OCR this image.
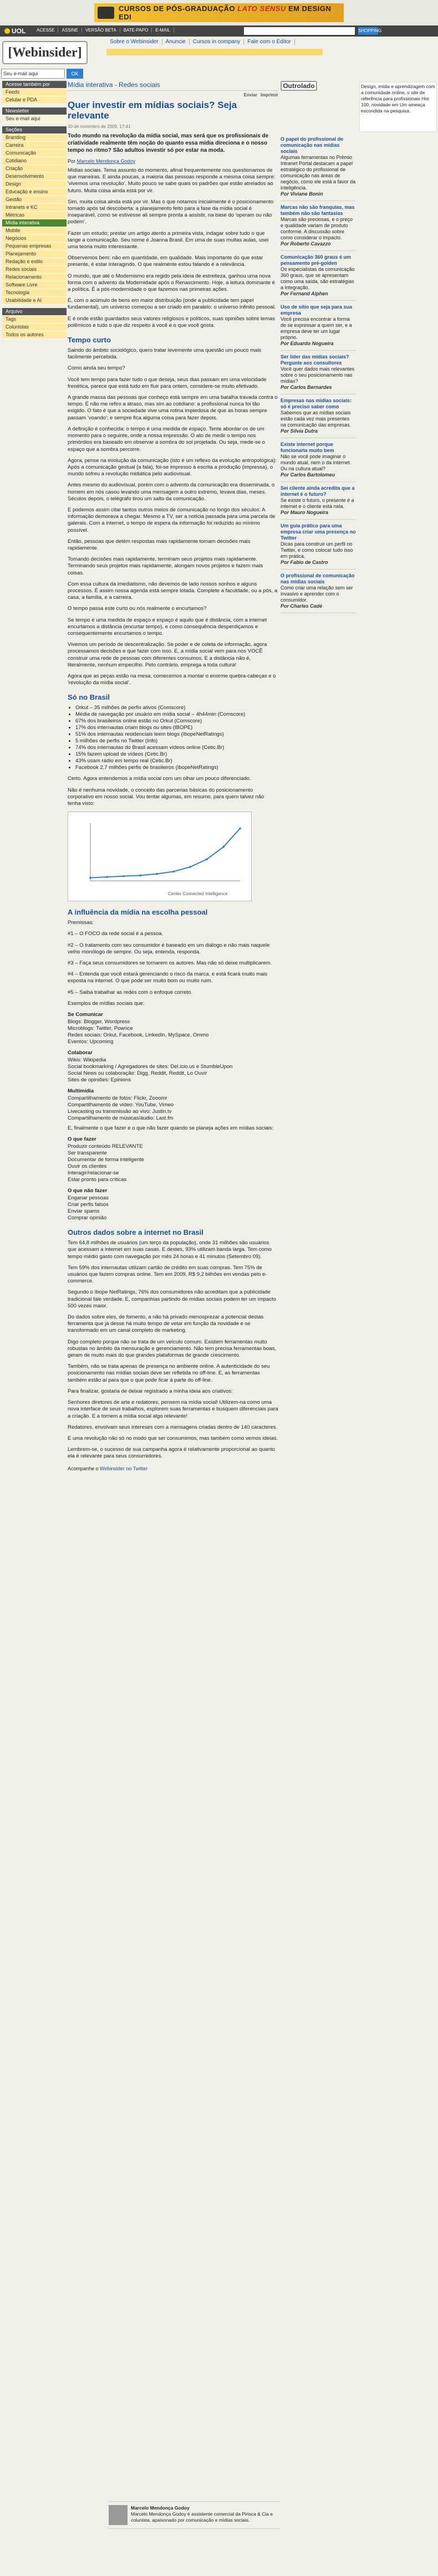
CURSOS DE PÓS-GRADUAÇÃO LATO SENSU EM DESIGN EDI
UOL	ACESSE	ASSINE	VERSÃO BETA	BATE-PAPO	E-MAIL	SHOPPING
[Webinsider]
Sobre o Webinsider	Anuncie	Cursos in company	Fale com o Editor
Seu e-mail aqui	OK
Acesse também por
Feeds
Celular e PDA
Newsletter
Seu e-mail aqui
Seções
Branding
Carreira
Comunicação
Cotidiano
Criação
Desenvolvimento
Design
Educação e ensino
Gestão
Intranets e KC
Métricas
Mídia interativa
Mobile
Negócios
Pequenas empresas
Planejamento
Redação e estilo
Redes sociais
Relacionamento
Software Livre
Tecnologia
Usabilidade e AI
Arquivo
Tags
Colunistas
Todos os autores
Mídia interativa - Redes sociais
Enviar Imprimir
Quer investir em mídias sociais? Seja relevante
30 de novembro de 2009, 17:41
Todo mundo na revolução da mídia social, mas será que os profissionais de criatividade realmente têm noção do quanto essa mídia direciona e o nosso tempo no ritmo? São adultos investir só por estar na moda.
Por Marcelo Mendonça Godoy

Mídias sociais. Tema assunto do momento, afinal frequentemente nos questionamos de que maneiras. E ainda poucas, a maioria das pessoas responde a mesma coisa sempre: 'vivemos uma revolução'. Muito pouco se sabe quais os padrões que estão atrelados ao futuro. Muita coisa ainda está por vir.

Sim, muita coisa ainda está por vir. Mas o que notamos inicialmente é o posicionamento tomado após tal descoberta: a planejamento feito para a fase da mídia social é inseparável, como se estivesse ali sempre pronta a assistir, na base do 'operam ou não podem'.

Fazer um estudo; prestar um artigo atento a primeira vista, indagar sobre tudo o que tange a comunicação. Seu nome é Joanna Brasil. Em uma de suas muitas aulas, usei uma teoria muito interessante.

Observemos bem: não em quantidade, em qualidade. Mais importante do que estar presente, é estar interagindo. O que realmente estou falando é a relevância.

O mundo, que até o Modernismo era regido pela ideia de estreiteza, ganhou uma nova forma com o advento da Modernidade após o Renascimento. Hoje, a leitura dominante é a política. É a pós-modernidade o que fazemos nas primeiras ações.

É, com o acúmulo de bens em maior distribuição (onde a publicidade tem papel fundamental), um universo começou a ser criado em paralelo: o universo infinito pessoal.

E é onde estão guardados seus valores religiosos e políticos, suas opiniões sobre temas polêmicos e tudo o que diz respeito à você e o que você gosta.

Tempo curto

Saindo do âmbito sociológico, quero tratar levemente uma questão um pouco mais facilmente percebida.

Como ainda seu tempo?

Você tem tempo para fazer tudo o que deseja, seus dias passam em uma velocidade frenética, parece que está tudo em fluir para ontem, considere-se muito efetivado.

A grande massa das pessoas que conheço está sempre em uma batalha travada contra o tempo. É não me refiro a atraso, mas sim ao cotidiano: a profissional nunca foi tão exigido. O fato é que a sociedade vive uma rotina impiedosa de que as horas sempre passam 'voando'; e sempre fica alguma coisa para fazer depois.

A definição é conhecida: o tempo é uma medida de espaço. Tente abordar os de um momento para o seguinte, onde a nossa impressão. O ato de medir o tempo nos primórdios era baseado em observar a sombra do sol projetada. Ou seja, mede-se o espaço que a sombra percorre.

Agora, pense na evolução da comunicação (isto é um reflexo da evolução antropológica): Após a comunicação gestual (a fala), foi-se impresso à escrita a produção (impressa), o mundo sofreu a revolução midiática pelo audiovisual.

Antes mesmo do audiovisual, porém com o advento da comunicação era disseminada, o homem em nós casou levando uma mensagem a outro extremo, levava dias, meses. Séculos depois, o telégrafo tirou um salto da comunicação.

E podemos assim citar tantos outros meios de comunicação no longo dos séculos: A informação demorava a chegar. Mesmo a TV, ser a notícia passada para uma parcela de galerais. Com a internet, o tempo de espera da informação foi reduzido ao mínimo possível.

Então, pessoas que detém respostas mais rapidamente tomam decisões mais rapidamente.

Tomando decisões mais rapidamente, terminam seus projetos mais rapidamente. Terminando seus projetos mais rapidamente, alongam novos projetos e fazem mais coisas.

Com essa cultura da imediatismo, não devemos de lado nossos sonhos e alguns processos. É assim nossa agenda está sempre lotada. Complete a faculdade, ou a pós, a casa, a família, e a carreira.

O tempo passa este curto ou nós realmente o encurtamos?

Se tempo é uma medida de espaço e espaço é aquilo que é distância, com a internet encurtamos a distância (encurtar tempo), e como consequência desperdiçamos e consequentemente encurtamos o tempo.

Vivemos um período de descentralização. Se poder e de coleta de informação, agora processamos decisões e que fazer com isso. E, a mídia social vem para nos VOCÊ construir uma rede de pessoas com diferentes consumos. E a distância não é, literalmente, nenhum empecilho. Pelo contrário, emprega a toda cultura!

Agora que as peças estão na mesa, comecemos a montar o enorme quebra-cabeças e o 'revolução da mídia social'.

Só no Brasil
• Orkut – 35 milhões de perfis ativos (Comscore)
• Média de navegação por usuário em mídia social – 4h44min (Comscore)
• 67% dos brasileiros online estão no Orkut (Comscore)
• 17% dos internautas criam blogs ou sites (IBOPE)
• 51% dos internautas residenciais leem blogs (IbopeNetRatings)
• 5 milhões de perfis no Twitter (Info)
• 74% dos internautas do Brasil acessam vídeos online (Cetic.Br)
• 15% fazem upload de vídeos (Cetic.Br)
• 43% usam rádio em tempo real (Cetic.Br)
• Facebook 2,7 milhões perfis de brasileiros (IbopeNetRatings)

Certo. Agora entendemos a mídia social com um olhar um pouco diferenciado.

Não é nenhuma novidade, o conceito das parcerias básicas do posicionamento corporativo em nosso social. Vou tentar algumas, em resumo, para quem talvez não tenha visto:

Center Connected Intelligence
A influência da mídia na escolha pessoal

Premissas:

#1 – O FOCO da rede social é a pessoa.

#2 – O tratamento com seu consumidor é baseado em um diálogo e não mais naquele velho monólogo de sempre. Ou seja, entenda, responda.

#3 – Faça seus consumidores se tornarem os autores. Mas não só deixe multiplicarem.

#4 – Entenda que você estará gerenciando o risco da marca, e está ficará muito mais exposta na internet. O que pode ser muito bom ou muito ruim.

#5 – Saiba trabalhar as redes com o enfoque correto.

Exemplos de mídias sociais que:

Se Comunicar
Blogs: Blogger, Wordpress
Microblogs: Twitter, Pownce
Redes sociais: Orkut, Facebook, LinkedIn, MySpace, Ommo
Eventos: Upcoming
Colaborar
Wikis: Wikipedia
Social bookmarking / Agregadores de sites: Del.icio.us e StumbleUpon
Social News ou colaboração: Digg, Reddit, Reddit, Lo Ouvir
Sites de opiniões: Epinions
Multimídia
Compartilhamento de fotos: Flickr, Zooomr
Compartilhamento de vídeo: YouTube, Vimeo
Livecasting ou transmissão ao vivo: Justin.tv
Compartilhamento de músicas/áudio: Last.fm

E, finalmente o que fazer e o que não fazer quando se planeja ações em mídias sociais:

O que fazer
Produzir conteúdo RELEVANTE
Ser transparente
Documentar de forma inteligente
Ouvir os clientes
Interagir/relacionar-se
Estar pronto para críticas
O que não fazer
Enganar pessoas
Criar perfis falsos
Enviar spams
Comprar opinião
Outros dados sobre a internet no Brasil

Tem 64,8 milhões de usuários (um terço da população), onde 31 milhões são usuários que acessam a internet em suas casas. E destes, 93% utilizam banda larga. Tem como tempo médio gasto com navegação por mês 24 horas e 41 minutos (Setembro 09).

Tem 59% dos internautas utilizam cartão de crédito em suas compras. Tem 75% de usuários que fazem compras online. Tem em 2009, R$ 9,2 bilhões em vendas pelo e-commerce.

Segundo o Ibope NetRatings, 76% dos consumidores não acreditam que a publicidade tradicional fale verdade. E, companhias partindo de mídias sociais podem ter um impacto 500 vezes maior.

Do dados sobre eles, de fomento, a não há privado menosprezar a potencial destas ferramenta que já desse há muito tempo de vetar em função da novidade e se transformado em um canal completo de marketing.

Digo completo porque não se trata de um veículo comum. Existem ferramentas muito robustas no âmbito da mensuração e gerenciamento. Não tem precisa ferramentas boas, geram de muito mais do que grandes plataformas de grande crescimento.

Também, não se trata apenas de presença no ambiente online. A autenticidade do seu posicionamento nas mídias sociais deve ser refletida no off-line. E, as ferramentas também estão aí para que o que pode ficar à parte do off-line.

Para finalizar, gostaria de deixar registrado a minha ideia aos criativos:

Senhores diretores de arte e redatores, pensem na mídia social! Utilizem-na como uma nova interface de seus trabalhos, explorem suas ferramentas e busquem diferenciais para a criação. E a tornem a mídia social algo relevante!

Redatores, envolvam seus intereses com a mensagens criadas dentro de 140 caracteres.

E uma revolução não só no modo que ser consumimos, mas também como vemos ideias.

Lembrem-se, o sucesso de sua campanha agora é relativamente proporcional ao quanto ela é relevante para seus consumidores.

Acompanhe o Webinsider no Twitter
Marcelo Mendonça Godoy
Marcelo Mendonça Godoy é assistente comercial da Pirisca & Cia e colunista, apaixonado por comunicação e mídias sociais.
Outrolado	Design, mídia e aprendizagem com a comunidade online, o site de referência para profissionais Hot 100, novidade em Um ameaça escondida na pesquisa.
O papel do profissional de comunicação nas mídias sociais
Algumas ferramentas no Prêmio Intranet Portal destacam a papel estratégico do profissional de comunicação nas áreas de negócio, como ele está a favor da inteligência.
Por Viviane Bonin
Marcas não são franquias, mas também não são fantasias
Marcas são preciosas, e o preço e qualidade variam de produto conforme. A discussão sobre como considerar o impacto.
Por Roberto Cavazzo
Comunicação 360 graus é um pensamento pré-golden
Os especialistas da comunicação 360 graus, que se apresentam como uma saída, são estratégias a integração.
Por Fernand Alphen
Uso de sítio que seja para sua empresa
Você precisa encontrar a forma de se expressar a quem ser, e a empresa deve ter um lugar próprio.
Por Eduardo Nogueira
Ser líder das mídias sociais? Pergunte aos consultores
Você quer dados mais relevantes sobre o seu posicionamento nas mídias?
Por Carlos Bernardes
Empresas nas mídias sociais: só é preciso saber como
Sabemos que as mídias sociais estão cada vez mais presentes na comunicação das empresas.
Por Silvia Dutra
Existe internet porque funcionaria muito bem
Não se você pode imaginar o mundo atual, nem o da internet. Ou na cultura atual?
Por Carlos Bartolomeu
Sei cliente ainda acredita que a internet é o futuro?
Se existe o futuro, o presente é a internet e o cliente está nela.
Por Mauro Nogueira
Um guia prático para uma empresa criar uma presença no Twitter
Dicas para construir um perfil no Twitter, e como colocar tudo isso em prática.
Por Fabio de Castro
O profissional de comunicação nas mídias sociais
Como criar uma relação sem ser invasivo e aprender com o consumidor.
Por Charles Cadé
